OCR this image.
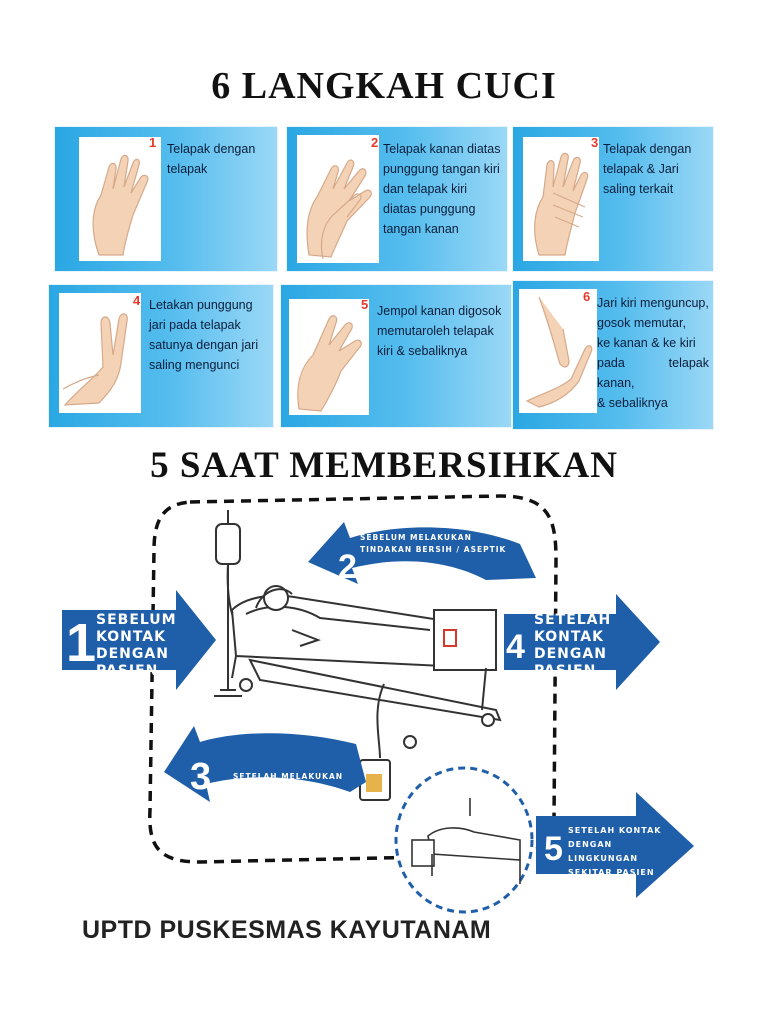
6 LANGKAH CUCI
1 Telapak dengan
telapak
2 Telapak kanan diatas
punggung tangan kiri
dan telapak kiri
diatas punggung
tangan kanan
3 Telapak dengan
telapak & Jari
saling terkait
4 Letakan punggung
jari pada telapak
satunya dengan jari
saling mengunci
5 Jempol kanan digosok
memutaroleh telapak
kiri & sebaliknya
6 Jari kiri menguncup,
gosok memutar,
ke kanan & ke kiri
pada telapak kanan,
& sebaliknya
5 SAAT MEMBERSIHKAN
1 SEBELUM
KONTAK
DENGAN
PASIEN
2
SEBELUM MELAKUKAN
TINDAKAN BERSIH / ASEPTIK
3	SETELAH MELAKUKAN TINDAKAN
ATAU
TERPAPAR CAIRAN TUBUH
4
SETELAH
KONTAK
DENGAN
PASIEN
5 SETELAH KONTAK
DENGAN
LINGKUNGAN
SEKITAR PASIEN
UPTD PUSKESMAS KAYUTANAM
